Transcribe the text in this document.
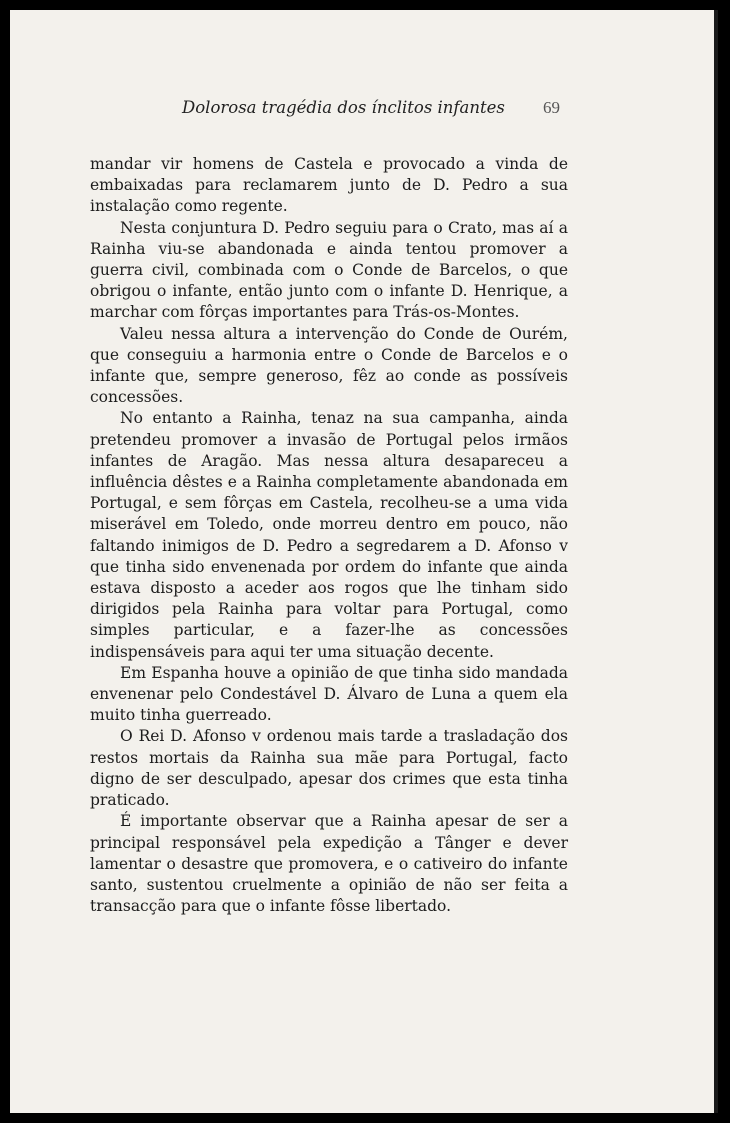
Dolorosa tragédia dos ínclitos infantes 69

mandar vir homens de Castela e provocado a vinda de embaixadas para reclamarem junto de D. Pedro a sua instalação como regente.

Nesta conjuntura D. Pedro seguiu para o Crato, mas aí a Rainha viu-se abandonada e ainda tentou promover a guerra civil, combinada com o Conde de Barcelos, o que obrigou o infante, então junto com o infante D. Henrique, a marchar com fôrças importantes para Trás-os-Montes.

Valeu nessa altura a intervenção do Conde de Ourém, que conseguiu a harmonia entre o Conde de Barcelos e o infante que, sempre generoso, fêz ao conde as possíveis concessões.

No entanto a Rainha, tenaz na sua campanha, ainda pretendeu promover a invasão de Portugal pelos irmãos infantes de Aragão. Mas nessa altura desapareceu a influência dêstes e a Rainha completamente abandonada em Portugal, e sem fôrças em Castela, recolheu-se a uma vida miserável em Toledo, onde morreu dentro em pouco, não faltando inimigos de D. Pedro a segredarem a D. Afonso v que tinha sido envenenada por ordem do infante que ainda estava disposto a aceder aos rogos que lhe tinham sido dirigidos pela Rainha para voltar para Portugal, como simples particular, e a fazer-lhe as concessões indispensáveis para aqui ter uma situação decente.

Em Espanha houve a opinião de que tinha sido mandada envenenar pelo Condestável D. Álvaro de Luna a quem ela muito tinha guerreado.

O Rei D. Afonso v ordenou mais tarde a trasladação dos restos mortais da Rainha sua mãe para Portugal, facto digno de ser desculpado, apesar dos crimes que esta tinha praticado.

É importante observar que a Rainha apesar de ser a principal responsável pela expedição a Tânger e dever lamentar o desastre que promovera, e o cativeiro do infante santo, sustentou cruelmente a opinião de não ser feita a transacção para que o infante fôsse libertado.
